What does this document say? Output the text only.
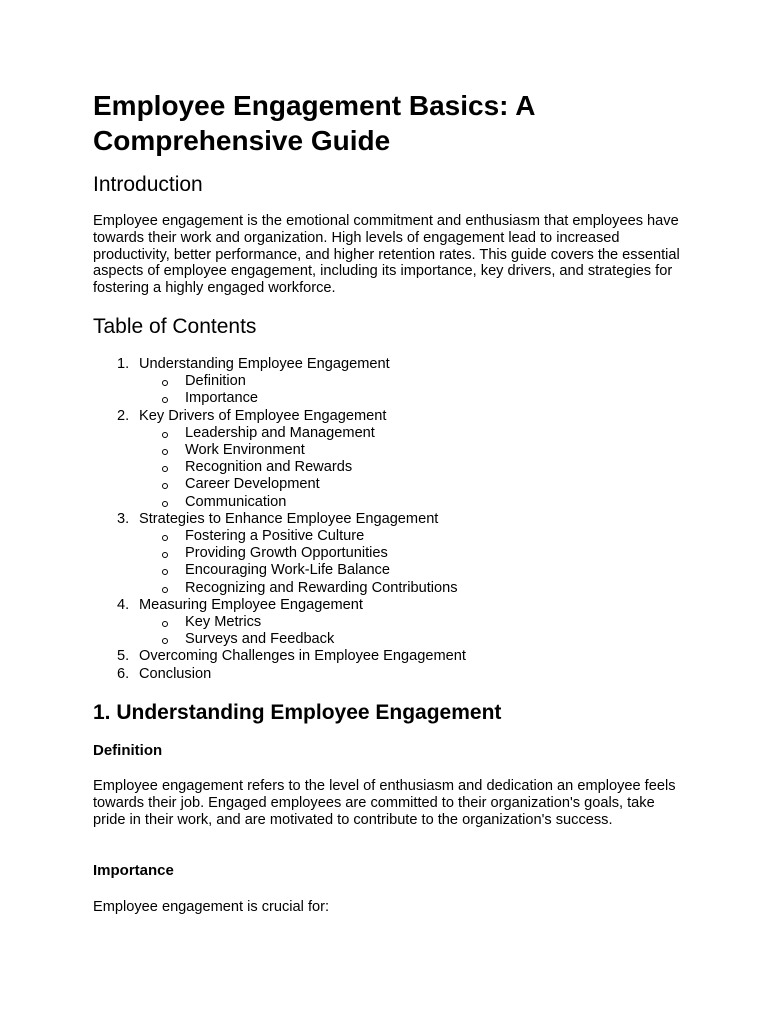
Employee Engagement Basics: A Comprehensive Guide
Introduction

Employee engagement is the emotional commitment and enthusiasm that employees have towards their work and organization. High levels of engagement lead to increased productivity, better performance, and higher retention rates. This guide covers the essential aspects of employee engagement, including its importance, key drivers, and strategies for fostering a highly engaged workforce.

Table of Contents
1. Understanding Employee Engagement
Definition
Importance
2. Key Drivers of Employee Engagement
Leadership and Management
Work Environment
Recognition and Rewards
Career Development
Communication
3. Strategies to Enhance Employee Engagement
Fostering a Positive Culture
Providing Growth Opportunities
Encouraging Work-Life Balance
Recognizing and Rewarding Contributions
4. Measuring Employee Engagement
Key Metrics
Surveys and Feedback
5. Overcoming Challenges in Employee Engagement
6. Conclusion
1. Understanding Employee Engagement
Definition

Employee engagement refers to the level of enthusiasm and dedication an employee feels towards their job. Engaged employees are committed to their organization's goals, take pride in their work, and are motivated to contribute to the organization's success.

Importance

Employee engagement is crucial for:
